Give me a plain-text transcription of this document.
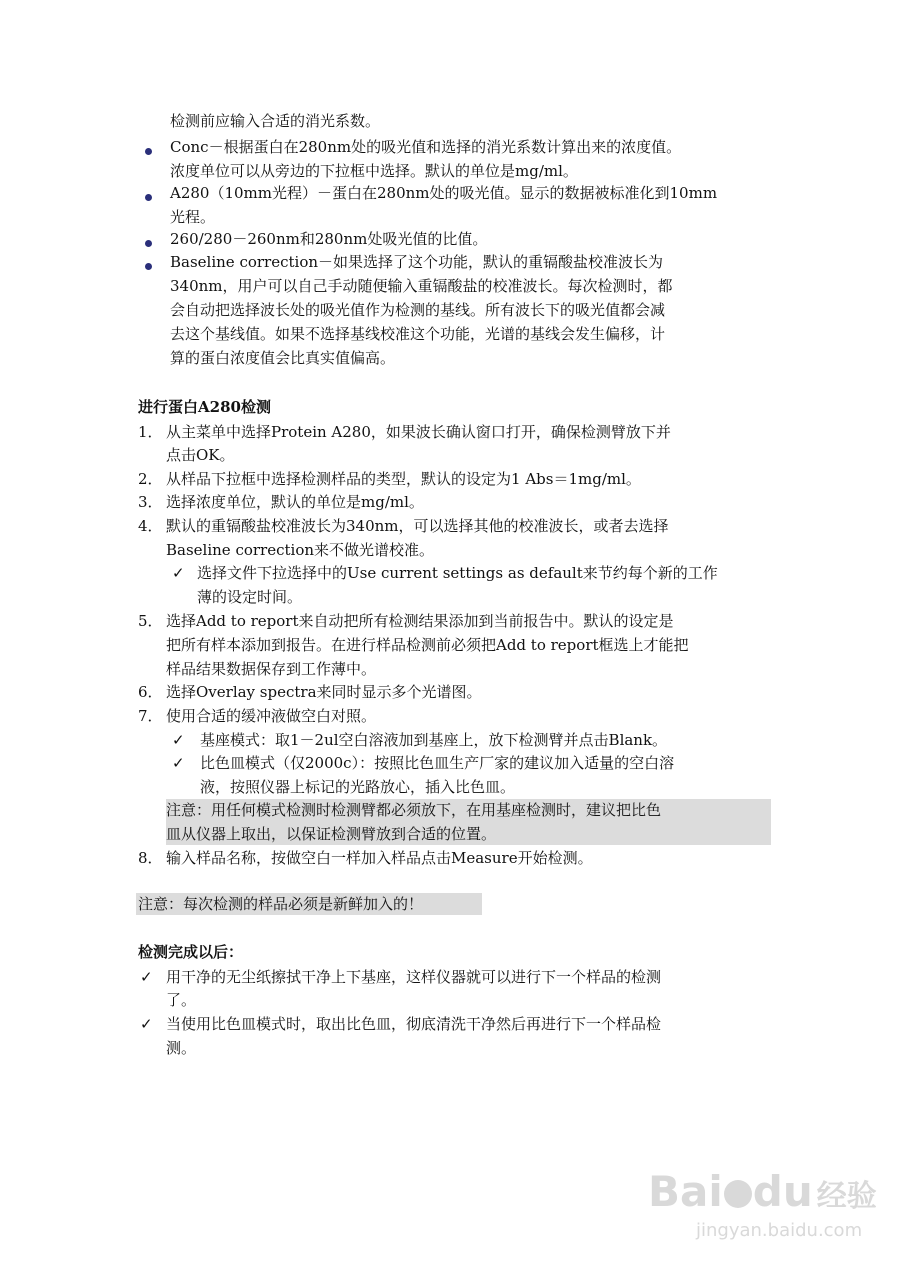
检测前应输入合适的消光系数。
Conc－根据蛋白在280nm处的吸光值和选择的消光系数计算出来的浓度值。
浓度单位可以从旁边的下拉框中选择。默认的单位是mg/ml。
A280（10mm光程）－蛋白在280nm处的吸光值。显示的数据被标准化到10mm
光程。
260/280－260nm和280nm处吸光值的比值。
Baseline correction－如果选择了这个功能，默认的重镉酸盐校准波长为
340nm，用户可以自己手动随便输入重镉酸盐的校准波长。每次检测时，都
会自动把选择波长处的吸光值作为检测的基线。所有波长下的吸光值都会减
去这个基线值。如果不选择基线校准这个功能，光谱的基线会发生偏移，计
算的蛋白浓度值会比真实值偏高。
进行蛋白A280检测
1． 从主菜单中选择Protein A280，如果波长确认窗口打开，确保检测臂放下并
点击OK。
2． 从样品下拉框中选择检测样品的类型，默认的设定为1 Abs＝1mg/ml。
3． 选择浓度单位，默认的单位是mg/ml。
4． 默认的重镉酸盐校准波长为340nm，可以选择其他的校准波长，或者去选择
Baseline correction来不做光谱校准。
✓ 选择文件下拉选择中的Use current settings as default来节约每个新的工作
薄的设定时间。
5． 选择Add to report来自动把所有检测结果添加到当前报告中。默认的设定是
把所有样本添加到报告。在进行样品检测前必须把Add to report框选上才能把
样品结果数据保存到工作薄中。
6． 选择Overlay spectra来同时显示多个光谱图。
7． 使用合适的缓冲液做空白对照。
✓ 基座模式：取1－2ul空白溶液加到基座上，放下检测臂并点击Blank。
✓ 比色皿模式（仅2000c）：按照比色皿生产厂家的建议加入适量的空白溶
液，按照仪器上标记的光路放心，插入比色皿。
注意：用任何模式检测时检测臂都必须放下，在用基座检测时，建议把比色
皿从仪器上取出，以保证检测臂放到合适的位置。
8． 输入样品名称，按做空白一样加入样品点击Measure开始检测。
注意：每次检测的样品必须是新鲜加入的！
检测完成以后：
✓ 用干净的无尘纸擦拭干净上下基座，这样仪器就可以进行下一个样品的检测
了。
✓ 当使用比色皿模式时，取出比色皿，彻底清洗干净然后再进行下一个样品检
测。
Bai du 经验
jingyan.baidu.com
